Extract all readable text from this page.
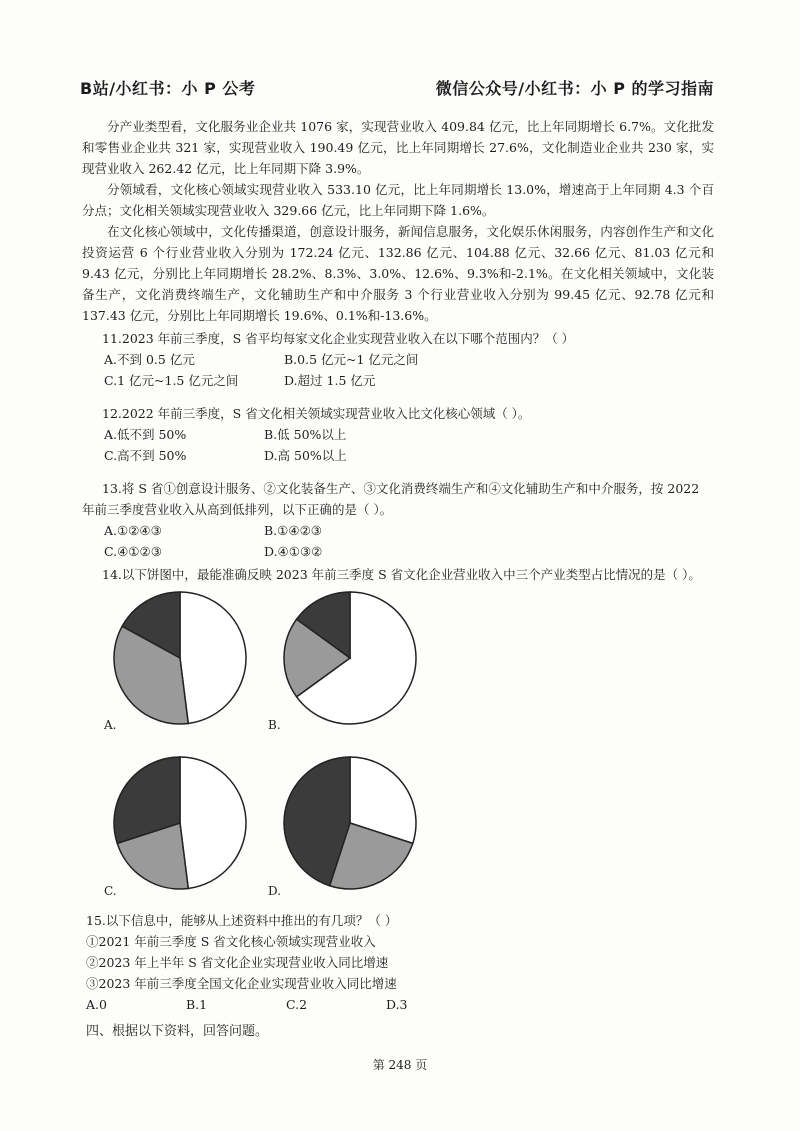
B站/小红书：小 P 公考	微信公众号/小红书：小 P 的学习指南

分产业类型看，文化服务业企业共 1076 家，实现营业收入 409.84 亿元，比上年同期增长 6.7%。文化批发和零售业企业共 321 家，实现营业收入 190.49 亿元，比上年同期增长 27.6%，文化制造业企业共 230 家，实现营业收入 262.42 亿元，比上年同期下降 3.9%。

分领域看，文化核心领域实现营业收入 533.10 亿元，比上年同期增长 13.0%，增速高于上年同期 4.3 个百分点；文化相关领域实现营业收入 329.66 亿元，比上年同期下降 1.6%。

在文化核心领域中，文化传播渠道，创意设计服务，新闻信息服务，文化娱乐休闲服务，内容创作生产和文化投资运营 6 个行业营业收入分别为 172.24 亿元、132.86 亿元、104.88 亿元、32.66 亿元、81.03 亿元和 9.43 亿元，分别比上年同期增长 28.2%、8.3%、3.0%、12.6%、9.3%和-2.1%。在文化相关领域中，文化装备生产，文化消费终端生产，文化辅助生产和中介服务 3 个行业营业收入分别为 99.45 亿元、92.78 亿元和 137.43 亿元，分别比上年同期增长 19.6%、0.1%和-13.6%。

11.2023 年前三季度，S 省平均每家文化企业实现营业收入在以下哪个范围内？（ ）
A.不到 0.5 亿元	B.0.5 亿元~1 亿元之间
C.1 亿元~1.5 亿元之间	D.超过 1.5 亿元
12.2022 年前三季度，S 省文化相关领域实现营业收入比文化核心领域（ ）。
A.低不到 50%	B.低 50%以上
C.高不到 50%	D.高 50%以上
13.将 S 省①创意设计服务、②文化装备生产、③文化消费终端生产和④文化辅助生产和中介服务，按 2022 年前三季度营业收入从高到低排列，以下正确的是（ ）。
A.①②④③	B.①④②③
C.④①②③	D.④①③②
14.以下饼图中，最能准确反映 2023 年前三季度 S 省文化企业营业收入中三个产业类型占比情况的是（ ）。
A.	B.
C.	D.
15.以下信息中，能够从上述资料中推出的有几项？（ ）
①2021 年前三季度 S 省文化核心领域实现营业收入
②2023 年上半年 S 省文化企业实现营业收入同比增速
③2023 年前三季度全国文化企业实现营业收入同比增速
A.0	B.1	C.2	D.3
四、根据以下资料，回答问题。
第 248 页
